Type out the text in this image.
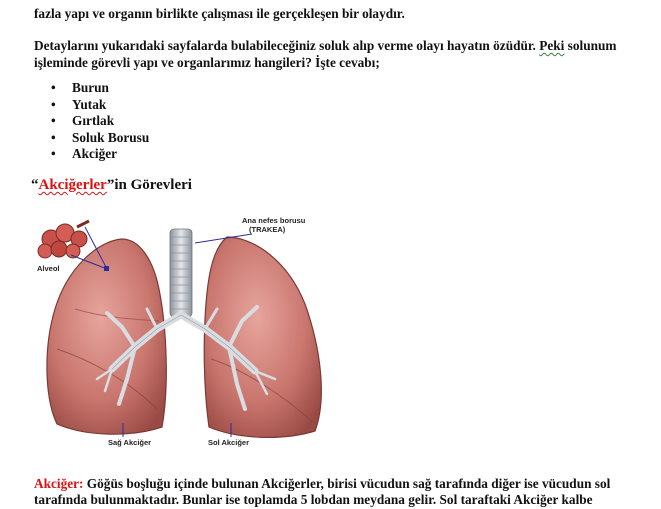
fazla yapı ve organın birlikte çalışması ile gerçekleşen bir olaydır.
Detaylarını yukarıdaki sayfalarda bulabileceğiniz soluk alıp verme olayı hayatın özüdür. Peki solunum
işleminde görevli yapı ve organlarımız hangileri? İşte cevabı;
• Burun
• Yutak
• Gırtlak
• Soluk Borusu
• Akciğer
“Akciğerler”in Görevleri
Ana nefes borusu
(TRAKEA)
Alveol
Sağ Akciğer	Sol Akciğer
Akciğer: Göğüs boşluğu içinde bulunan Akciğerler, birisi vücudun sağ tarafında diğer ise vücudun sol
tarafında bulunmaktadır. Bunlar ise toplamda 5 lobdan meydana gelir. Sol taraftaki Akciğer kalbe
